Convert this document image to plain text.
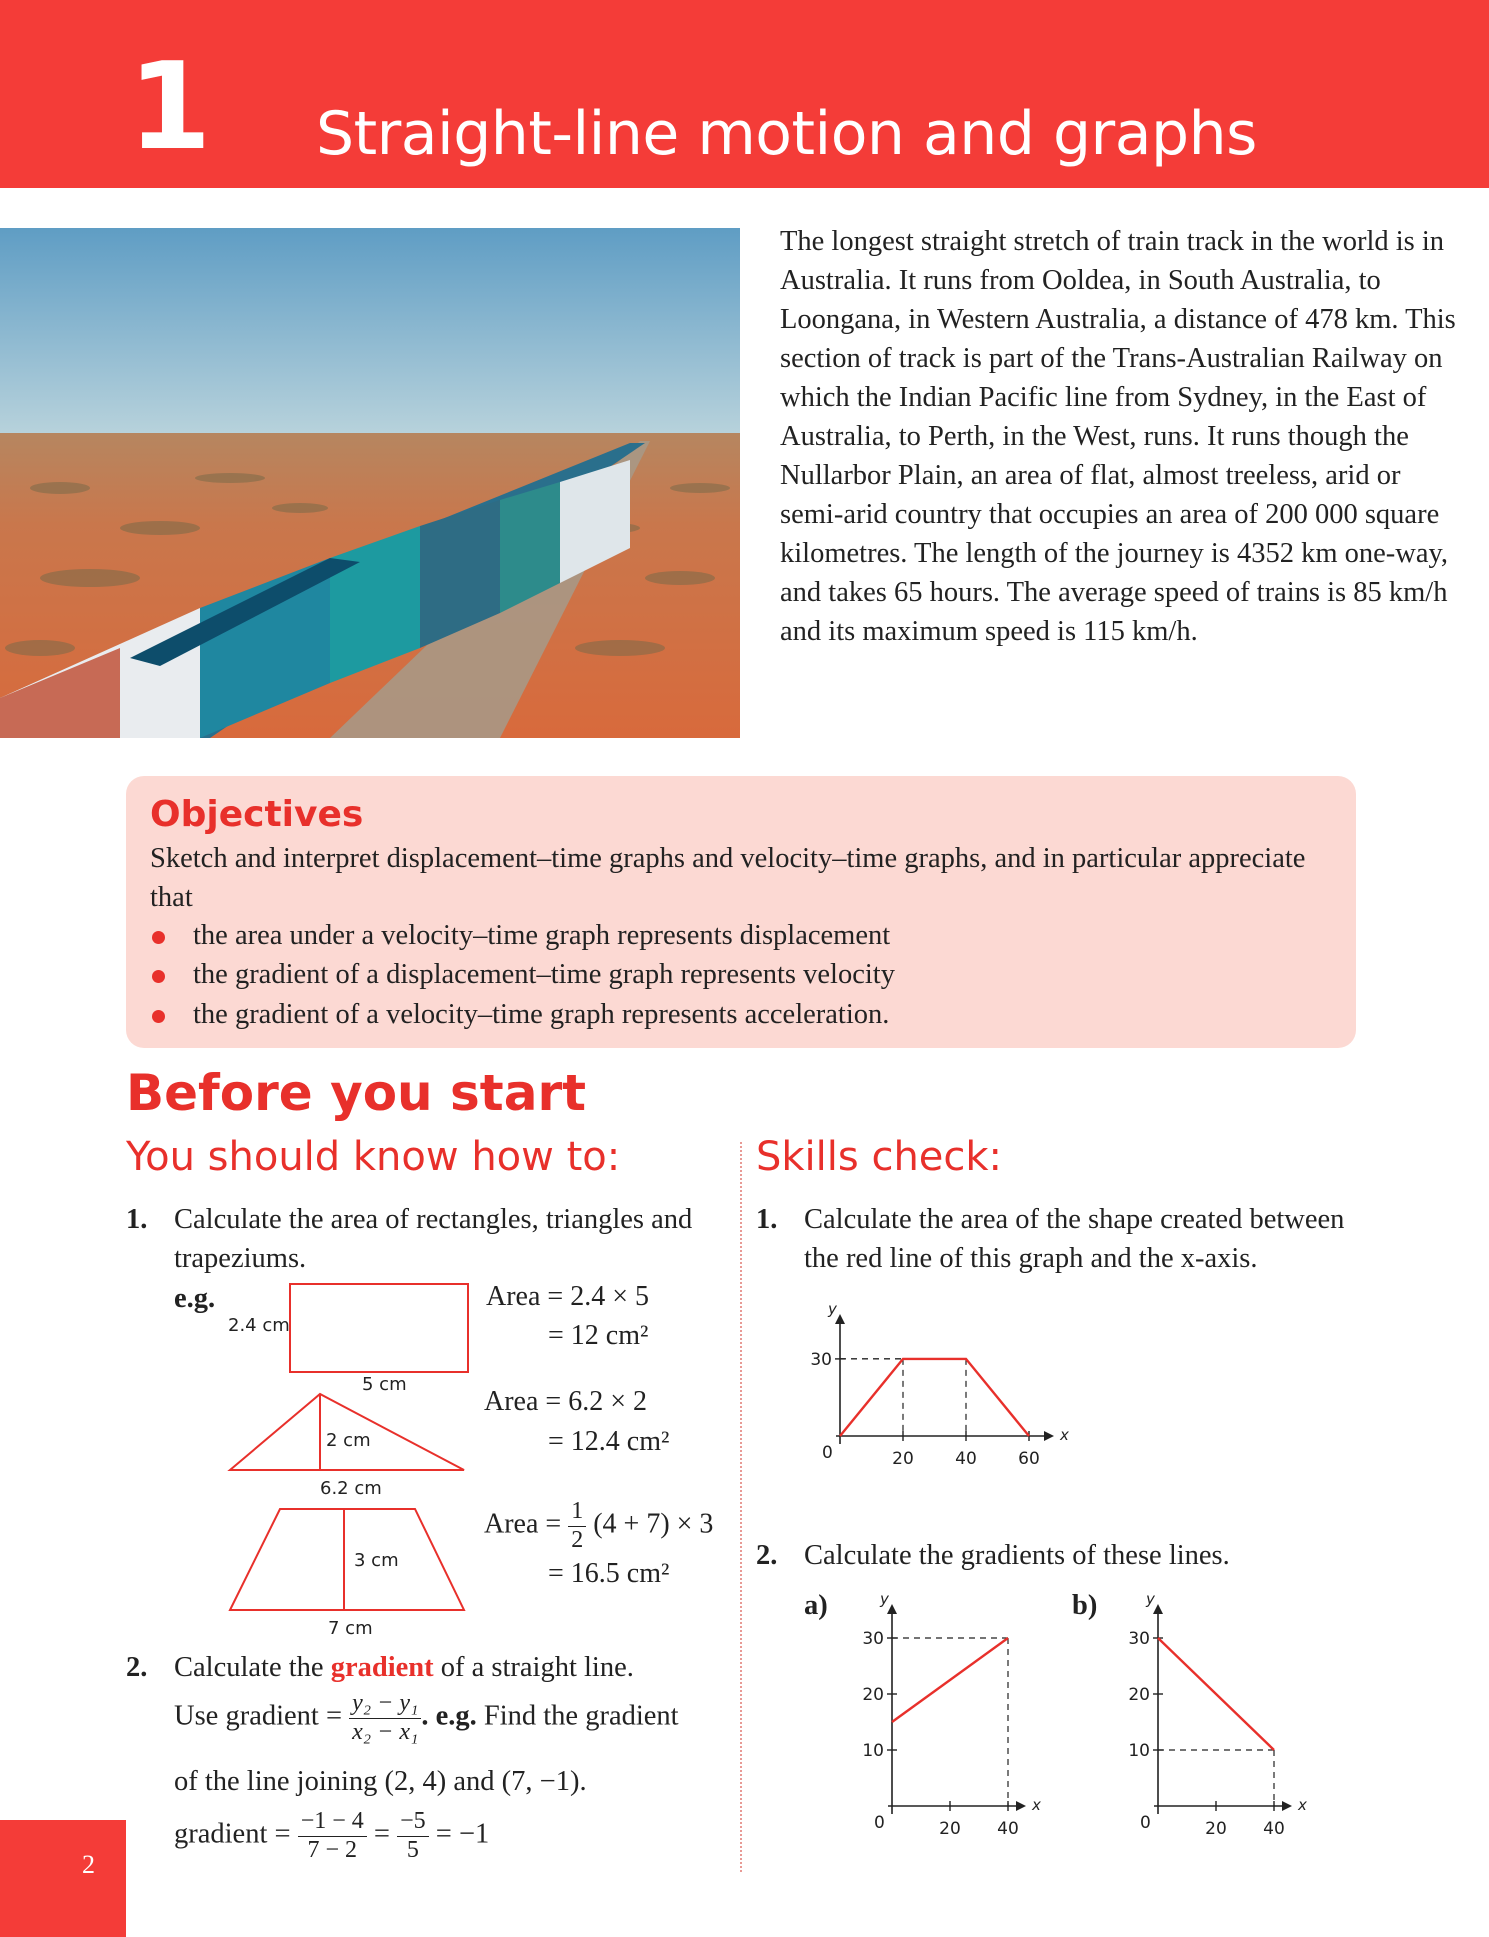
1 Straight-line motion and graphs
The longest straight stretch of train track in the world is in Australia. It runs from Ooldea, in South Australia, to Loongana, in Western Australia, a distance of 478 km. This section of track is part of the Trans-Australian Railway on which the Indian Pacific line from Sydney, in the East of Australia, to Perth, in the West, runs. It runs though the Nullarbor Plain, an area of flat, almost treeless, arid or semi-arid country that occupies an area of 200 000 square kilometres. The length of the journey is 4352 km one-way, and takes 65 hours. The average speed of trains is 85 km/h and its maximum speed is 115 km/h.
Objectives
Sketch and interpret displacement–time graphs and velocity–time graphs, and in particular appreciate that
the area under a velocity–time graph represents displacement
the gradient of a displacement–time graph represents velocity
the gradient of a velocity–time graph represents acceleration.
Before you start
You should know how to:	Skills check:
1. Calculate the area of rectangles, triangles and trapeziums.
e.g.
2.4 cm
5 cm
2 cm
6.2 cm
3 cm
7 cm
Area = 2.4 × 5
= 12 cm²
Area = 6.2 × 2
= 12.4 cm²
Area = $\frac{1}{2} (4 + 7) \times 3$
= 16.5 cm²
2. Calculate the gradient of a straight line.
Use gradient = $\frac{\text{y₂ − y₁}}{\text{x₂ − x₁}}$ . e.g. Find the gradient
of the line joining (2, 4) and (7, −1).
gradient = $\frac{-1 - 4}{7 - 2} = \frac{-5}{5} = -1$
1. Calculate the area of the shape created between the red line of this graph and the x-axis.
y
x
0	20 40 60
30
2. Calculate the gradients of these lines.
a)	b)
y
x
0	20 40
10
20
30
y
x
0	20 40
10
20
30
2
